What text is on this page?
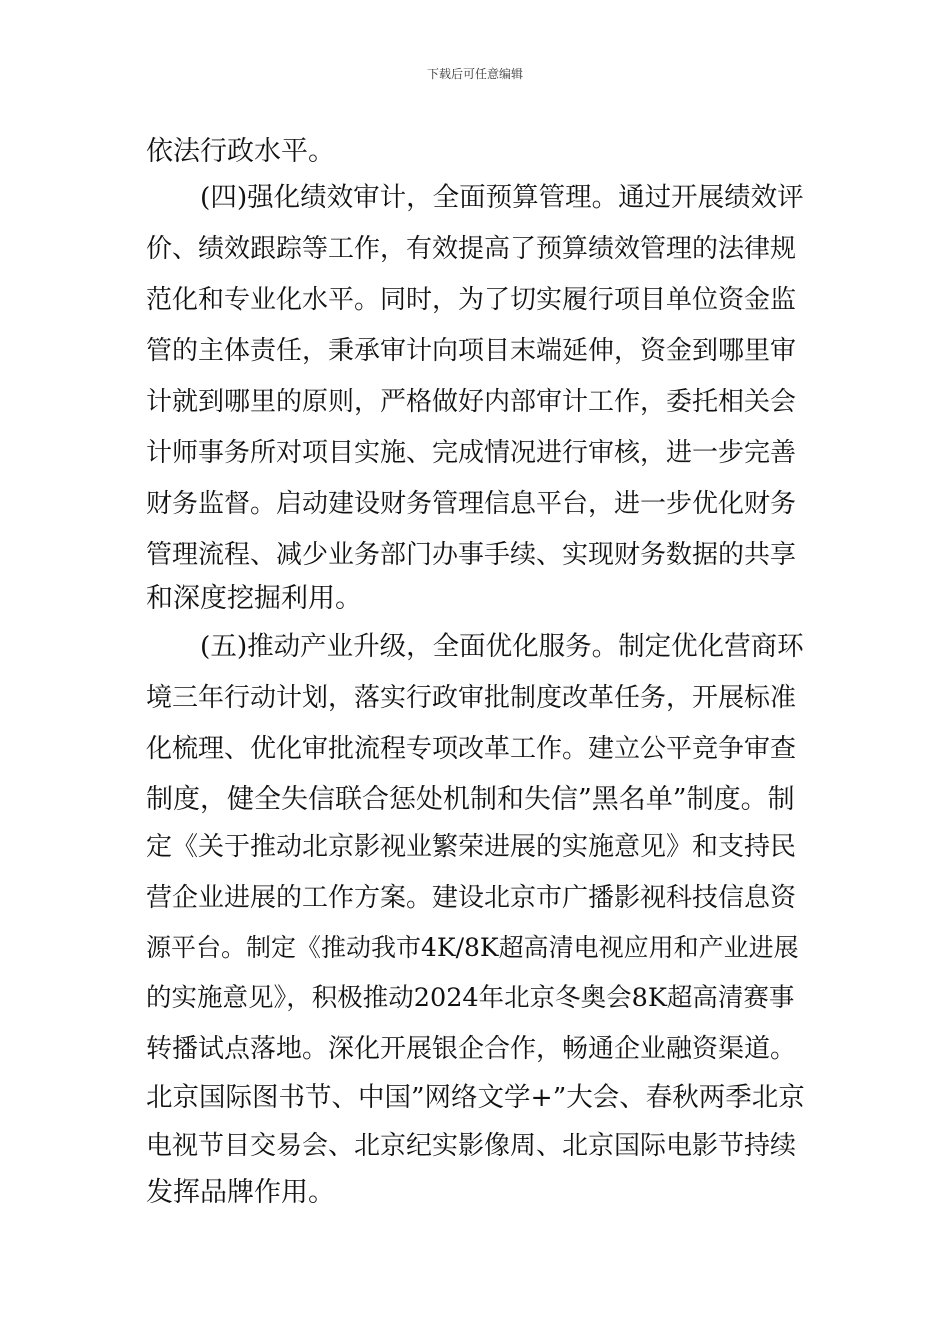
下载后可任意编辑
依法行政水平。
(四)强化绩效审计，全面预算管理。通过开展绩效评
价、绩效跟踪等工作，有效提高了预算绩效管理的法律规
范化和专业化水平。同时，为了切实履行项目单位资金监
管的主体责任，秉承审计向项目末端延伸，资金到哪里审
计就到哪里的原则，严格做好内部审计工作，委托相关会
计师事务所对项目实施、完成情况进行审核，进一步完善
财务监督。启动建设财务管理信息平台，进一步优化财务
管理流程、减少业务部门办事手续、实现财务数据的共享
和深度挖掘利用。
(五)推动产业升级，全面优化服务。制定优化营商环
境三年行动计划，落实行政审批制度改革任务，开展标准
化梳理、优化审批流程专项改革工作。建立公平竞争审查
制度，健全失信联合惩处机制和失信”黑名单”制度。制
定《关于推动北京影视业繁荣进展的实施意见》和支持民
营企业进展的工作方案。建设北京市广播影视科技信息资
源平台。制定《推动我市4K/8K超高清电视应用和产业进展
的实施意见》，积极推动2024年北京冬奥会8K超高清赛事
转播试点落地。深化开展银企合作，畅通企业融资渠道。
北京国际图书节、中国”网络文学+”大会、春秋两季北京
电视节目交易会、北京纪实影像周、北京国际电影节持续
发挥品牌作用。
